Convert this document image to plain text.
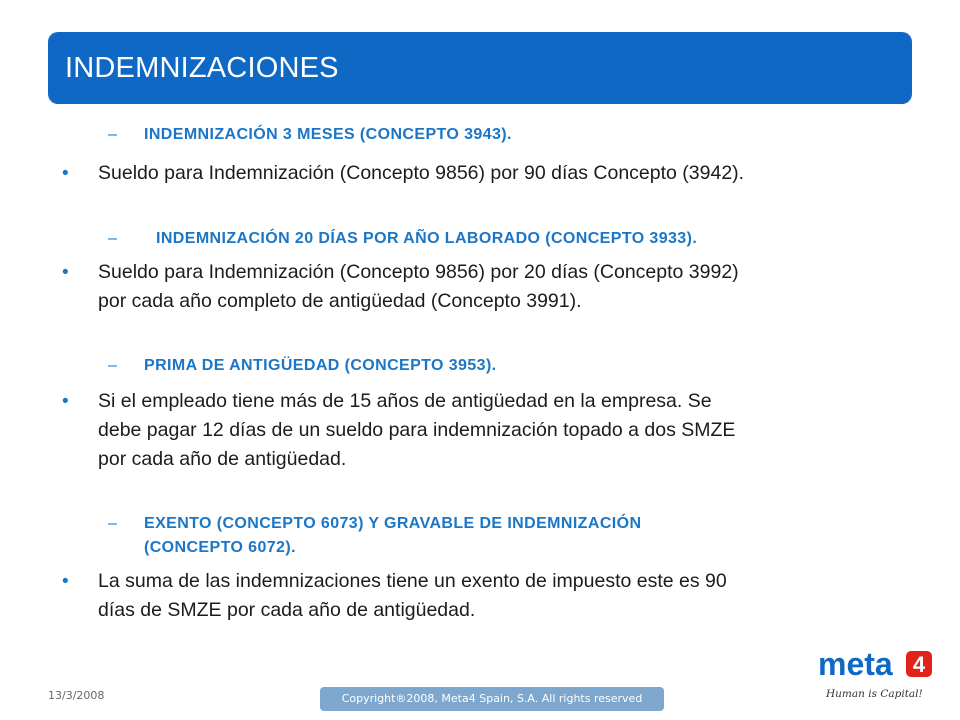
INDEMNIZACIONES
– INDEMNIZACIÓN 3 MESES (CONCEPTO 3943).
• Sueldo para Indemnización (Concepto 9856) por 90 días Concepto (3942).
– INDEMNIZACIÓN 20 DÍAS POR AÑO LABORADO (CONCEPTO 3933).
• Sueldo para Indemnización (Concepto 9856) por 20 días (Concepto 3992)
por cada año completo de antigüedad (Concepto 3991).
– PRIMA DE ANTIGÜEDAD (CONCEPTO 3953).
• Si el empleado tiene más de 15 años de antigüedad en la empresa. Se
debe pagar 12 días de un sueldo para indemnización topado a dos SMZE
por cada año de antigüedad.
– EXENTO (CONCEPTO 6073) Y GRAVABLE DE INDEMNIZACIÓN
(CONCEPTO 6072).
• La suma de las indemnizaciones tiene un exento de impuesto este es 90
días de SMZE por cada año de antigüedad.
13/3/2008	Copyright®2008, Meta4 Spain, S.A. All rights reserved
meta 4
Human is Capital!
